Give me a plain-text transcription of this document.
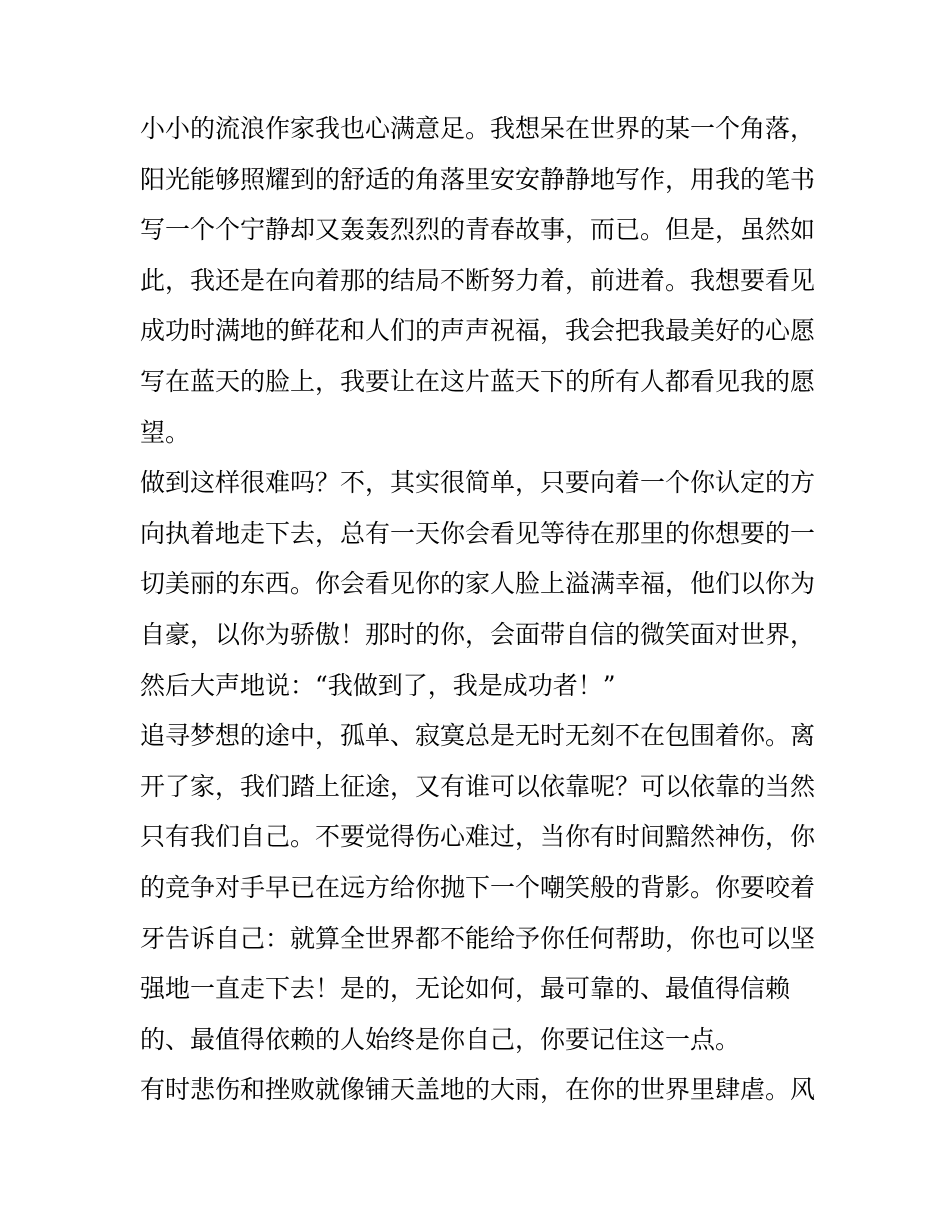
小小的流浪作家我也心满意足。我想呆在世界的某一个角落，
阳光能够照耀到的舒适的角落里安安静静地写作，用我的笔书
写一个个宁静却又轰轰烈烈的青春故事，而已。但是，虽然如
此，我还是在向着那的结局不断努力着，前进着。我想要看见
成功时满地的鲜花和人们的声声祝福，我会把我最美好的心愿
写在蓝天的脸上，我要让在这片蓝天下的所有人都看见我的愿
望。
做到这样很难吗？不，其实很简单，只要向着一个你认定的方
向执着地走下去，总有一天你会看见等待在那里的你想要的一
切美丽的东西。你会看见你的家人脸上溢满幸福，他们以你为
自豪，以你为骄傲！那时的你，会面带自信的微笑面对世界，
然后大声地说：“我做到了，我是成功者！”
追寻梦想的途中，孤单、寂寞总是无时无刻不在包围着你。离
开了家，我们踏上征途，又有谁可以依靠呢？可以依靠的当然
只有我们自己。不要觉得伤心难过，当你有时间黯然神伤，你
的竞争对手早已在远方给你抛下一个嘲笑般的背影。你要咬着
牙告诉自己：就算全世界都不能给予你任何帮助，你也可以坚
强地一直走下去！是的，无论如何，最可靠的、最值得信赖
的、最值得依赖的人始终是你自己，你要记住这一点。
有时悲伤和挫败就像铺天盖地的大雨，在你的世界里肆虐。风
